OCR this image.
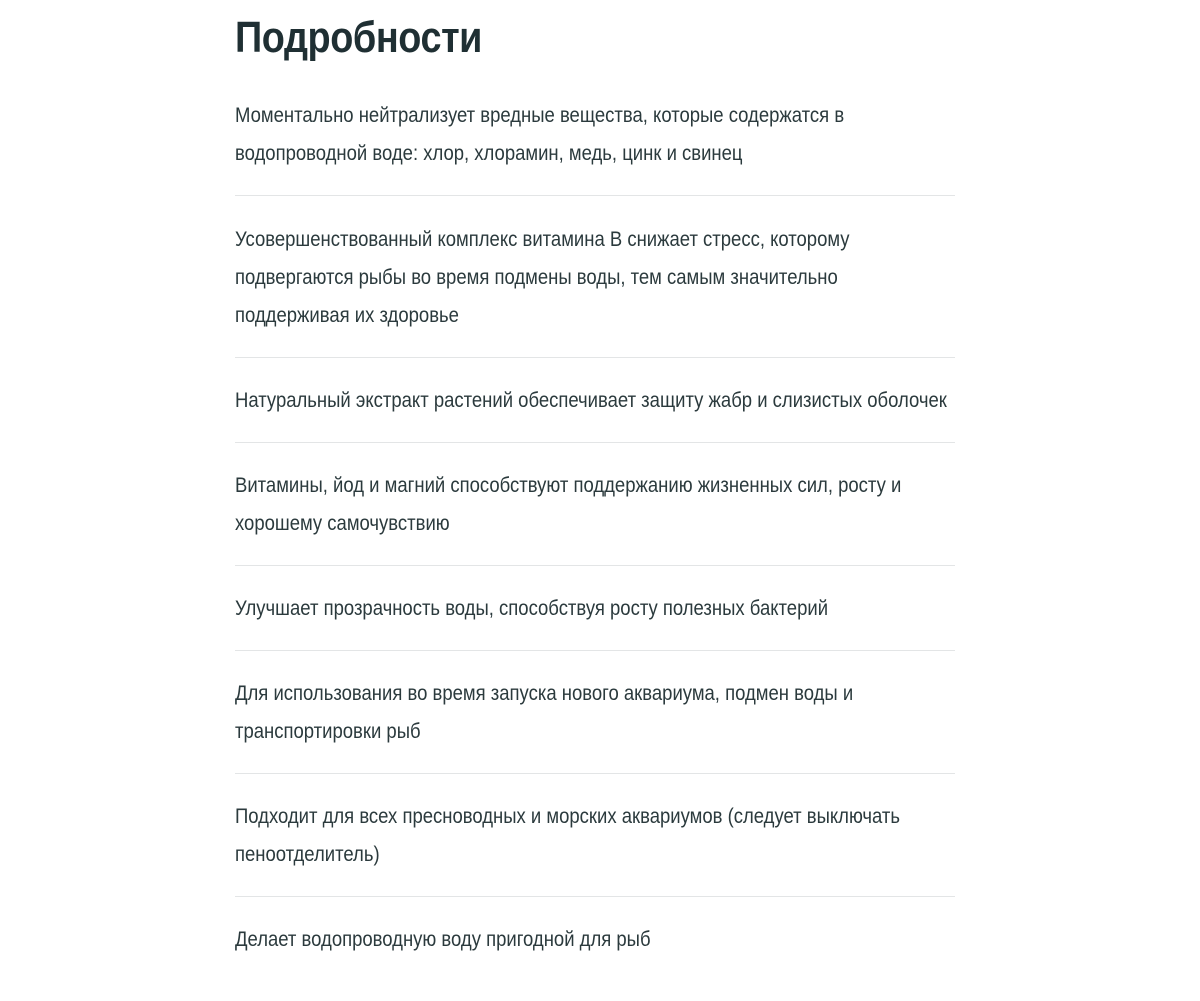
Подробности
Моментально нейтрализует вредные вещества, которые содержатся в водопроводной воде: хлор, хлорамин, медь, цинк и свинец
Усовершенствованный комплекс витамина В снижает стресс, которому подвергаются рыбы во время подмены воды, тем самым значительно поддерживая их здоровье
Натуральный экстракт растений обеспечивает защиту жабр и слизистых оболочек
Витамины, йод и магний способствуют поддержанию жизненных сил, росту и хорошему самочувствию
Улучшает прозрачность воды, способствуя росту полезных бактерий
Для использования во время запуска нового аквариума, подмен воды и транспортировки рыб
Подходит для всех пресноводных и морских аквариумов (следует выключать пеноотделитель)
Делает водопроводную воду пригодной для рыб
